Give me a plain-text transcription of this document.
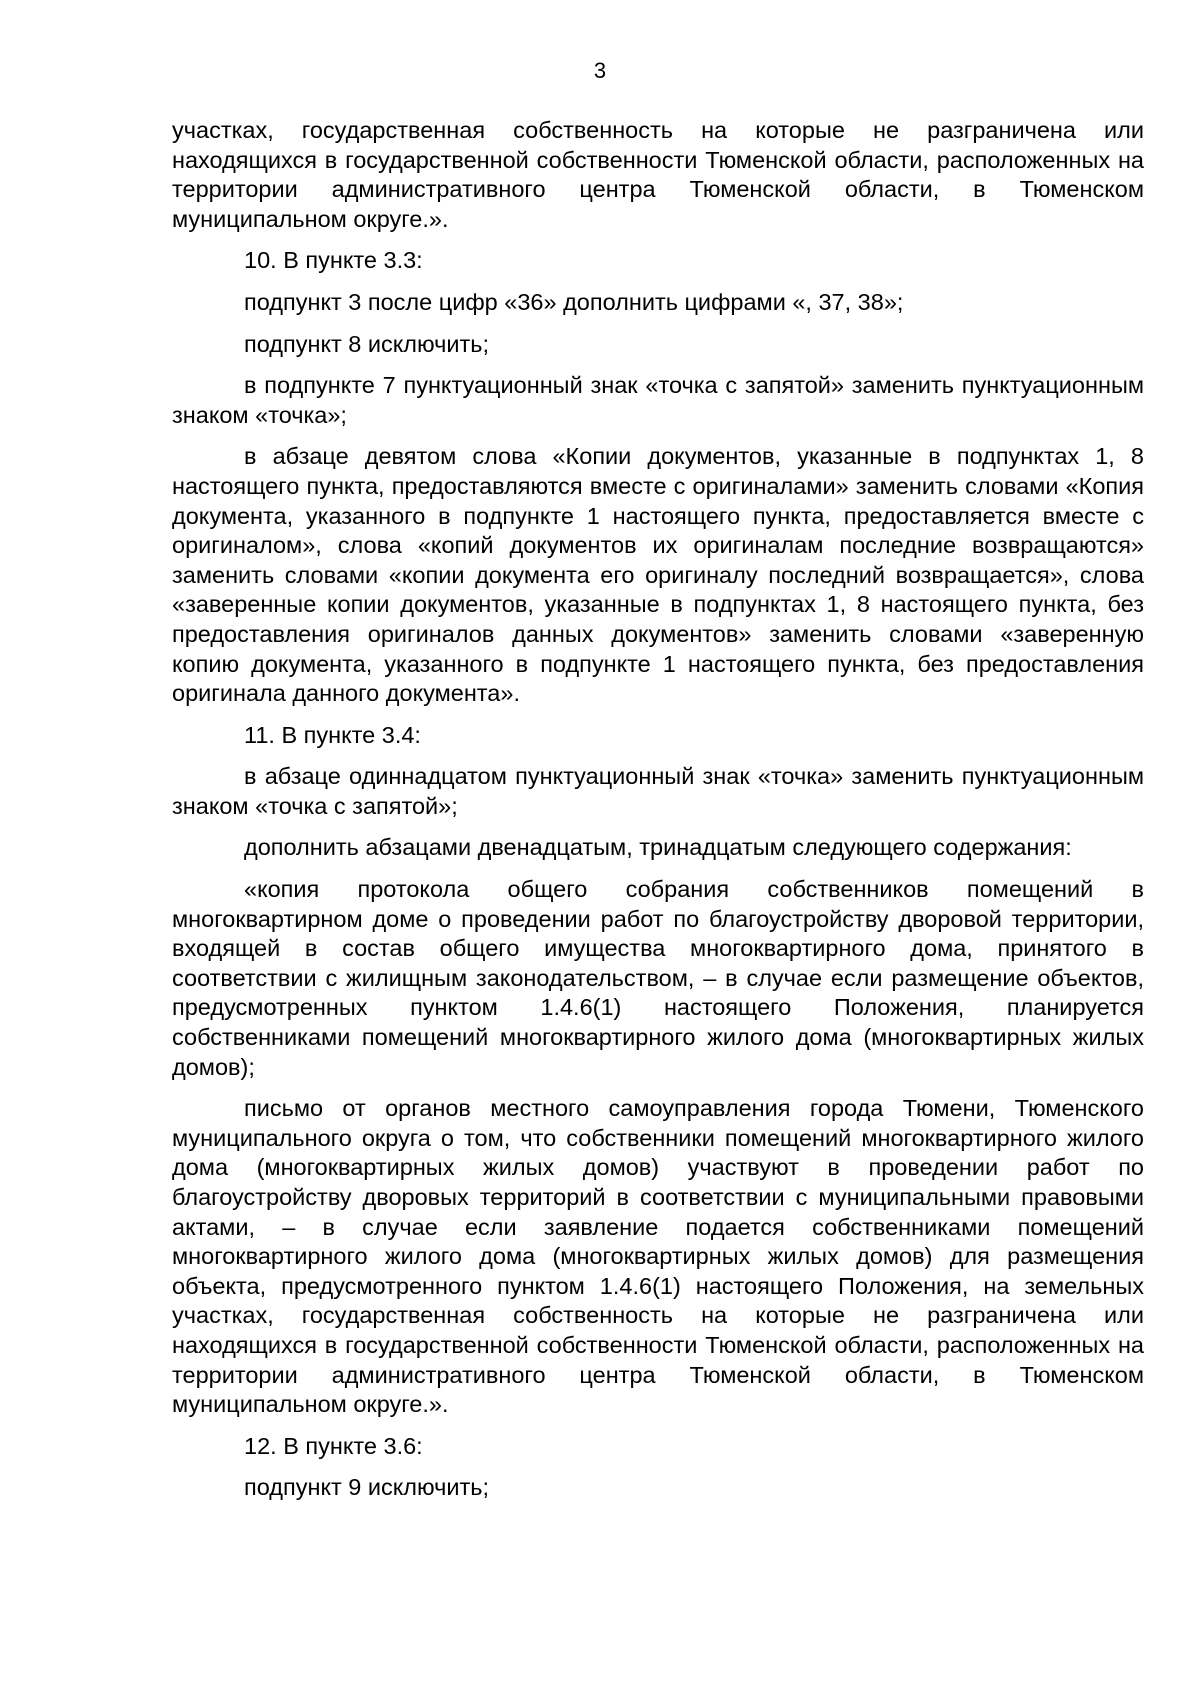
3

участках, государственная собственность на которые не разграничена или находящихся в государственной собственности Тюменской области, расположенных на территории административного центра Тюменской области, в Тюменском муниципальном округе.».

10. В пункте 3.3:

подпункт 3 после цифр «36» дополнить цифрами «, 37, 38»;

подпункт 8 исключить;

в подпункте 7 пунктуационный знак «точка с запятой» заменить пунктуационным знаком «точка»;

в абзаце девятом слова «Копии документов, указанные в подпунктах 1, 8 настоящего пункта, предоставляются вместе с оригиналами» заменить словами «Копия документа, указанного в подпункте 1 настоящего пункта, предоставляется вместе с оригиналом», слова «копий документов их оригиналам последние возвращаются» заменить словами «копии документа его оригиналу последний возвращается», слова «заверенные копии документов, указанные в подпунктах 1, 8 настоящего пункта, без предоставления оригиналов данных документов» заменить словами «заверенную копию документа, указанного в подпункте 1 настоящего пункта, без предоставления оригинала данного документа».

11. В пункте 3.4:

в абзаце одиннадцатом пунктуационный знак «точка» заменить пунктуационным знаком «точка с запятой»;

дополнить абзацами двенадцатым, тринадцатым следующего содержания:

«копия протокола общего собрания собственников помещений в многоквартирном доме о проведении работ по благоустройству дворовой территории, входящей в состав общего имущества многоквартирного дома, принятого в соответствии с жилищным законодательством, – в случае если размещение объектов, предусмотренных пунктом 1.4.6(1) настоящего Положения, планируется собственниками помещений многоквартирного жилого дома (многоквартирных жилых домов);

письмо от органов местного самоуправления города Тюмени, Тюменского муниципального округа о том, что собственники помещений многоквартирного жилого дома (многоквартирных жилых домов) участвуют в проведении работ по благоустройству дворовых территорий в соответствии с муниципальными правовыми актами, – в случае если заявление подается собственниками помещений многоквартирного жилого дома (многоквартирных жилых домов) для размещения объекта, предусмотренного пунктом 1.4.6(1) настоящего Положения, на земельных участках, государственная собственность на которые не разграничена или находящихся в государственной собственности Тюменской области, расположенных на территории административного центра Тюменской области, в Тюменском муниципальном округе.».

12. В пункте 3.6:

подпункт 9 исключить;
